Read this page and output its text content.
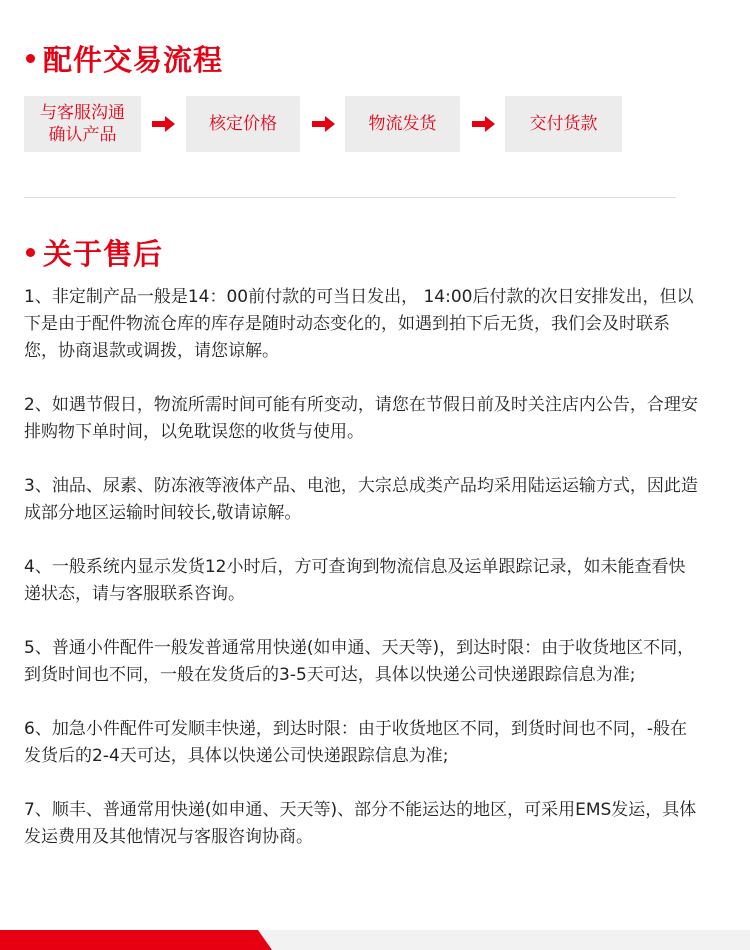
配件交易流程
与客服沟通
确认产品
核定价格	物流发货	交付货款
关于售后

1、非定制产品一般是14：00前付款的可当日发出， 14:00后付款的次日安排发出，但以下是由于配件物流仓库的库存是随时动态变化的，如遇到拍下后无货，我们会及时联系您，协商退款或调拨，请您谅解。

2、如遇节假日，物流所需时间可能有所变动，请您在节假日前及时关注店内公告，合理安排购物下单时间，以免耽误您的收货与使用。

3、油品、尿素、防冻液等液体产品、电池，大宗总成类产品均采用陆运运输方式，因此造成部分地区运输时间较长,敬请谅解。

4、一般系统内显示发货12小时后，方可查询到物流信息及运单跟踪记录，如未能查看快递状态，请与客服联系咨询。

5、普通小件配件一般发普通常用快递(如申通、天天等)，到达时限：由于收货地区不同，到货时间也不同，一般在发货后的3-5天可达，具体以快递公司快递跟踪信息为准;

6、加急小件配件可发顺丰快递，到达时限：由于收货地区不同，到货时间也不同，-般在发货后的2-4天可达，具体以快递公司快递跟踪信息为准;

7、顺丰、普通常用快递(如申通、天天等)、部分不能运达的地区，可采用EMS发运，具体发运费用及其他情况与客服咨询协商。
